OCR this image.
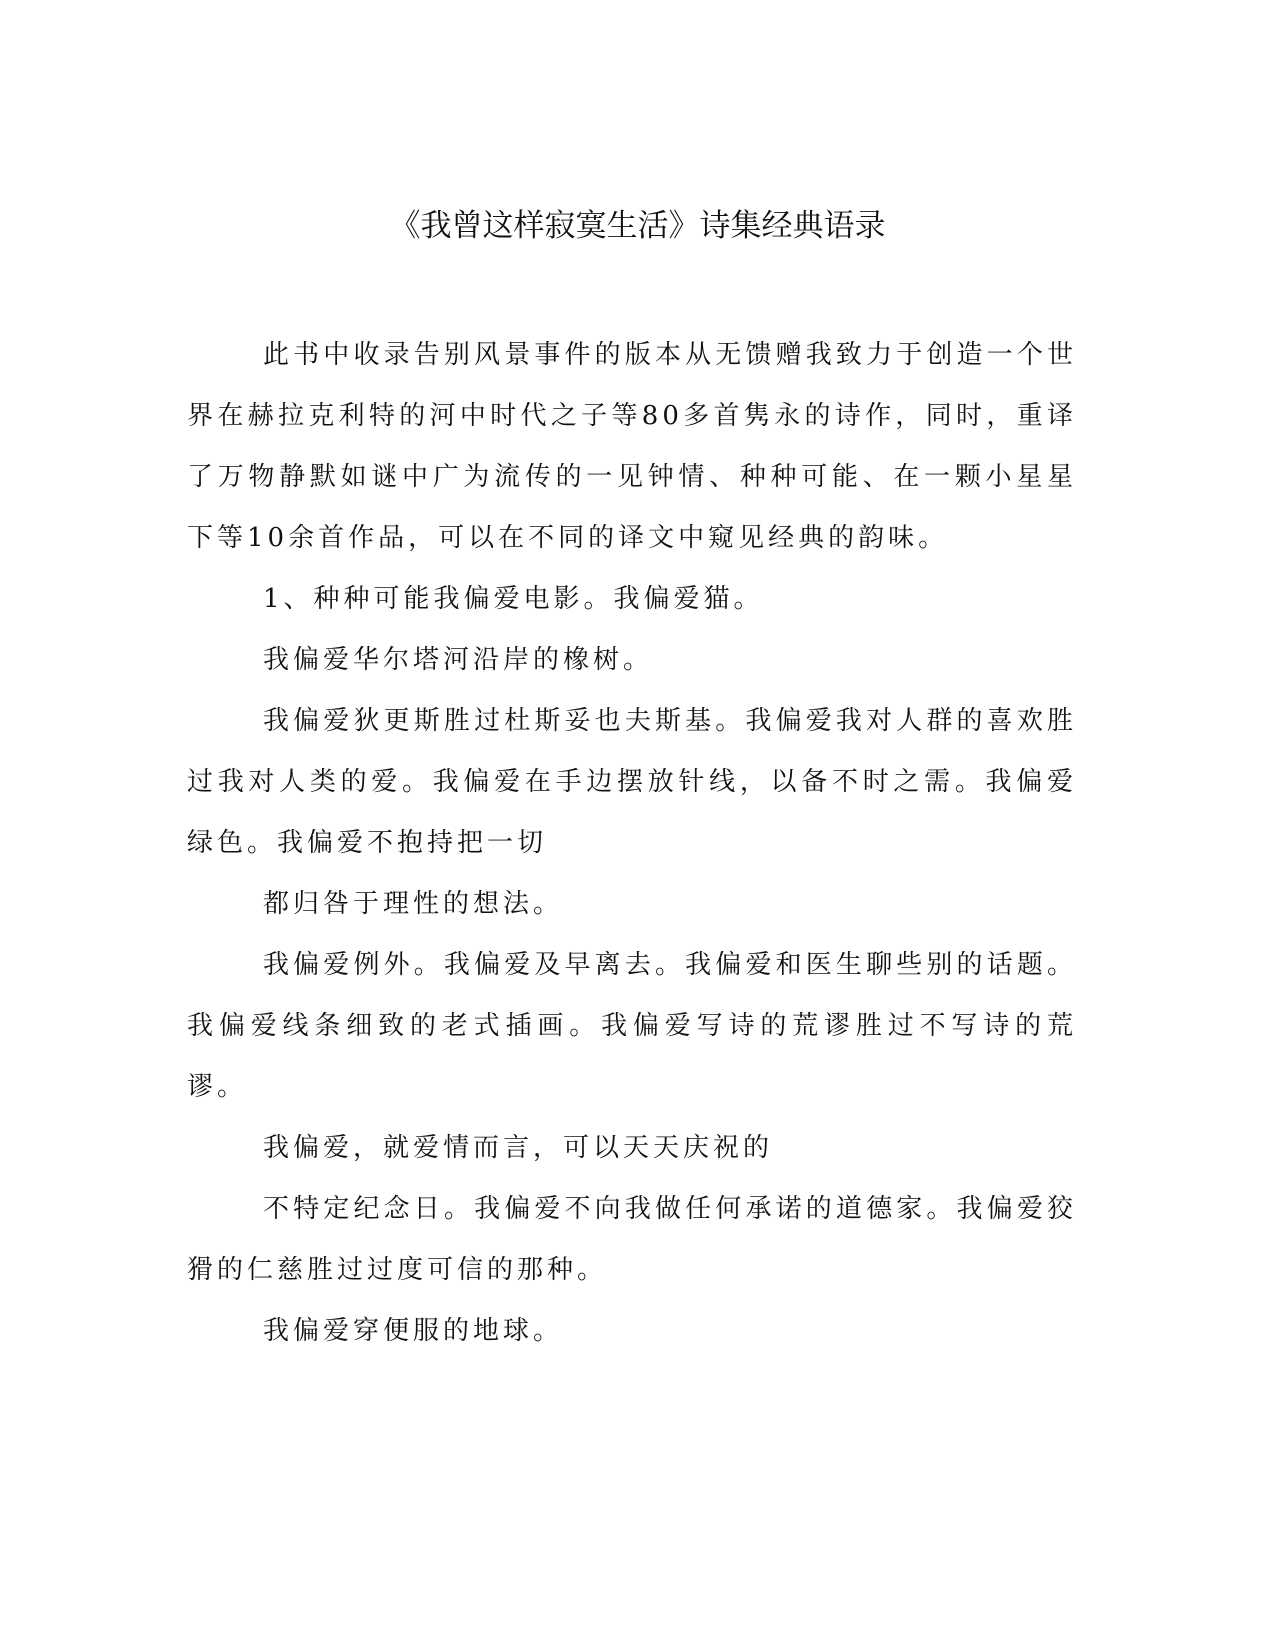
《我曾这样寂寞生活》诗集经典语录

此书中收录告别风景事件的版本从无馈赠我致力于创造一个世界在赫拉克利特的河中时代之子等80多首隽永的诗作，同时，重译了万物静默如谜中广为流传的一见钟情、种种可能、在一颗小星星下等10余首作品，可以在不同的译文中窥见经典的韵味。

1、种种可能我偏爱电影。我偏爱猫。

我偏爱华尔塔河沿岸的橡树。

我偏爱狄更斯胜过杜斯妥也夫斯基。我偏爱我对人群的喜欢胜过我对人类的爱。我偏爱在手边摆放针线，以备不时之需。我偏爱绿色。我偏爱不抱持把一切

都归咎于理性的想法。

我偏爱例外。我偏爱及早离去。我偏爱和医生聊些别的话题。我偏爱线条细致的老式插画。我偏爱写诗的荒谬胜过不写诗的荒谬。

我偏爱，就爱情而言，可以天天庆祝的

不特定纪念日。我偏爱不向我做任何承诺的道德家。我偏爱狡猾的仁慈胜过过度可信的那种。

我偏爱穿便服的地球。
